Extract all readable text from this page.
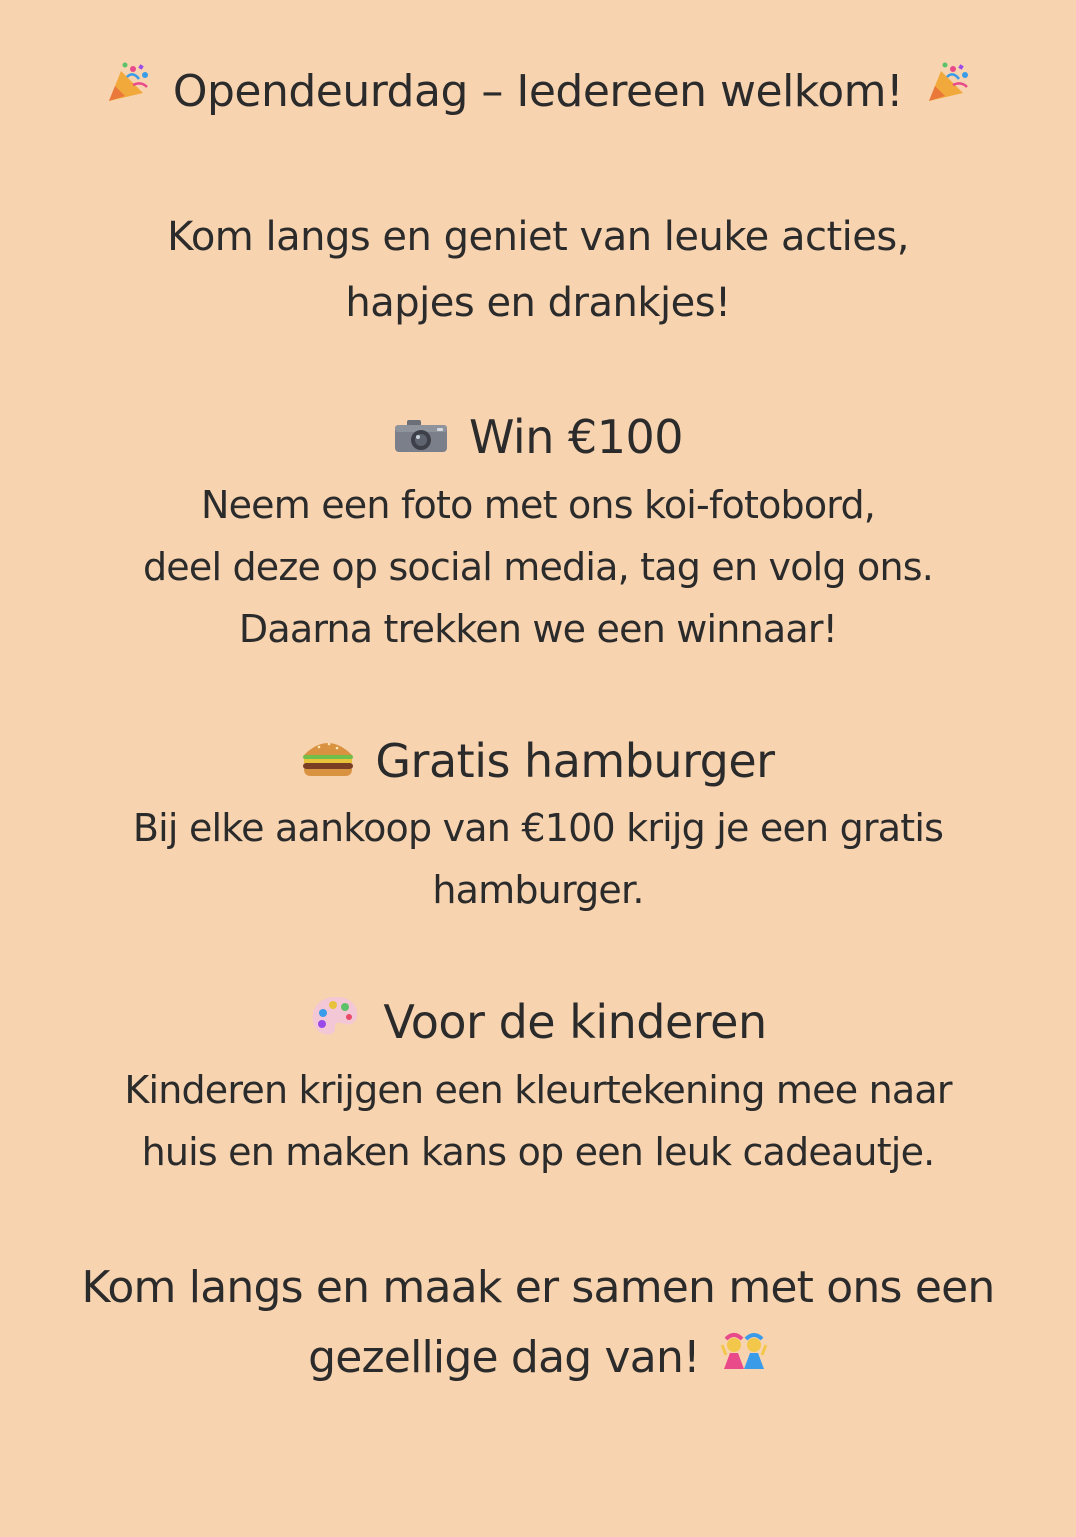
Opendeurdag – Iedereen welkom!
Kom langs en geniet van leuke acties,
hapjes en drankjes!
Win €100
Neem een foto met ons koi-fotobord,
deel deze op social media, tag en volg ons.
Daarna trekken we een winnaar!
Gratis hamburger
Bij elke aankoop van €100 krijg je een gratis
hamburger.
Voor de kinderen
Kinderen krijgen een kleurtekening mee naar
huis en maken kans op een leuk cadeautje.
Kom langs en maak er samen met ons een
gezellige dag van!
